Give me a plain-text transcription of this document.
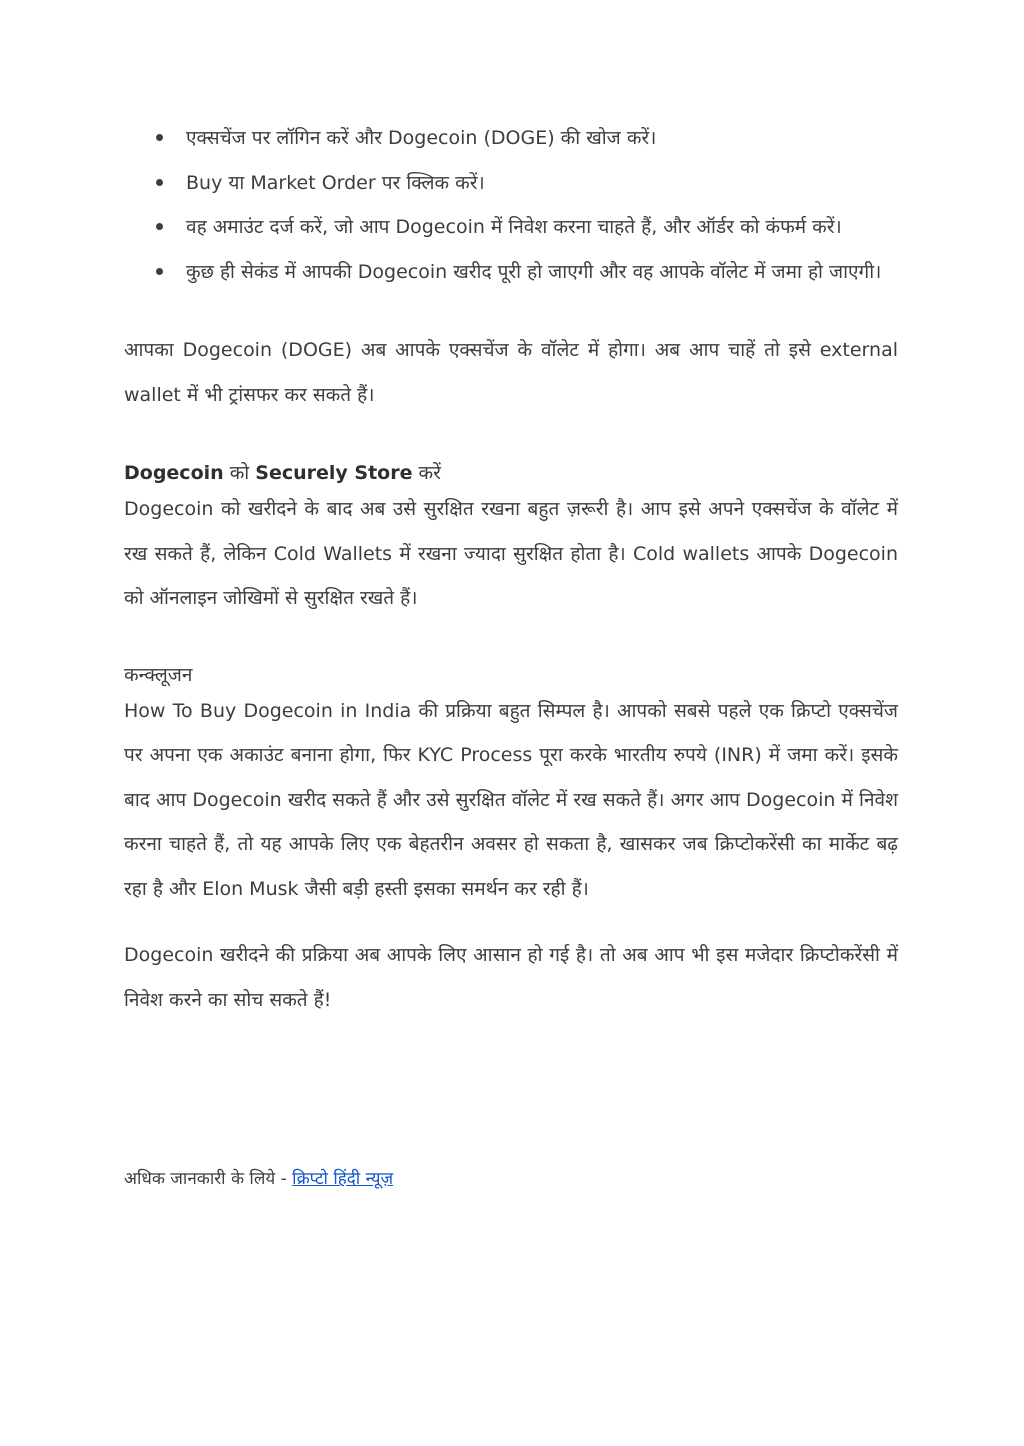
एक्सचेंज पर लॉगिन करें और Dogecoin (DOGE) की खोज करें।
Buy या Market Order पर क्लिक करें।
वह अमाउंट दर्ज करें, जो आप Dogecoin में निवेश करना चाहते हैं, और ऑर्डर को कंफर्म करें।
कुछ ही सेकंड में आपकी Dogecoin खरीद पूरी हो जाएगी और वह आपके वॉलेट में जमा हो जाएगी।

आपका Dogecoin (DOGE) अब आपके एक्सचेंज के वॉलेट में होगा। अब आप चाहें तो इसे external wallet में भी ट्रांसफर कर सकते हैं।

Dogecoin को Securely Store करें

Dogecoin को खरीदने के बाद अब उसे सुरक्षित रखना बहुत ज़रूरी है। आप इसे अपने एक्सचेंज के वॉलेट में रख सकते हैं, लेकिन Cold Wallets में रखना ज्यादा सुरक्षित होता है। Cold wallets आपके Dogecoin को ऑनलाइन जोखिमों से सुरक्षित रखते हैं।

कन्क्लूजन

How To Buy Dogecoin in India की प्रक्रिया बहुत सिम्पल है। आपको सबसे पहले एक क्रिप्टो एक्सचेंज पर अपना एक अकाउंट बनाना होगा, फिर KYC Process पूरा करके भारतीय रुपये (INR) में जमा करें। इसके बाद आप Dogecoin खरीद सकते हैं और उसे सुरक्षित वॉलेट में रख सकते हैं। अगर आप Dogecoin में निवेश करना चाहते हैं, तो यह आपके लिए एक बेहतरीन अवसर हो सकता है, खासकर जब क्रिप्टोकरेंसी का मार्केट बढ़ रहा है और Elon Musk जैसी बड़ी हस्ती इसका समर्थन कर रही हैं।

Dogecoin खरीदने की प्रक्रिया अब आपके लिए आसान हो गई है। तो अब आप भी इस मजेदार क्रिप्टोकरेंसी में निवेश करने का सोच सकते हैं!

अधिक जानकारी के लिये - क्रिप्टो हिंदी न्यूज़
